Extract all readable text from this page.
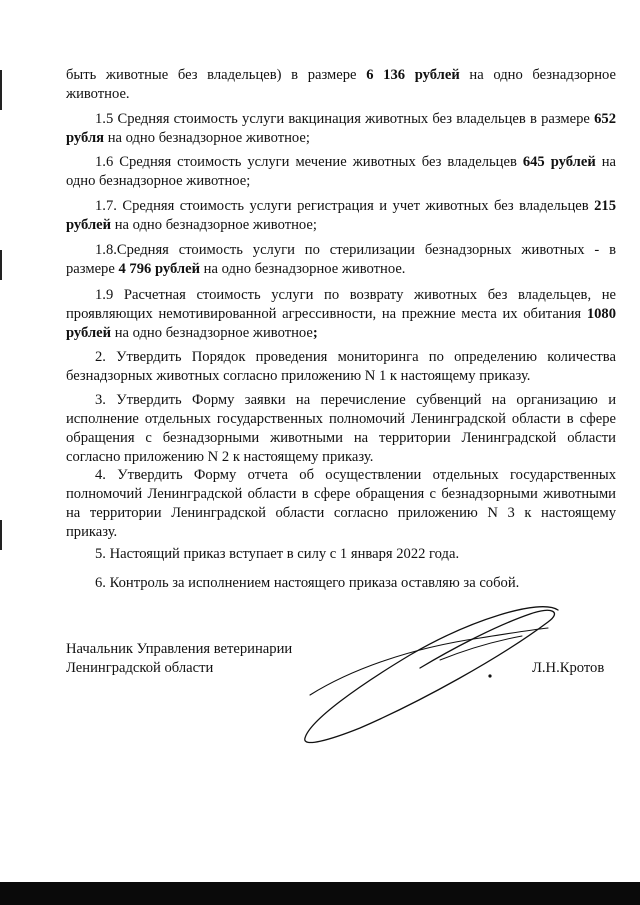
быть животные без владельцев) в размере 6 136 рублей на одно безнадзорное животное.

1.5 Средняя стоимость услуги вакцинация животных без владельцев в размере 652 рубля на одно безнадзорное животное;

1.6 Средняя стоимость услуги мечение животных без владельцев 645 рублей на одно безнадзорное животное;

1.7. Средняя стоимость услуги регистрация и учет животных без владельцев 215 рублей на одно безнадзорное животное;

1.8.Средняя стоимость услуги по стерилизации безнадзорных животных - в размере 4 796 рублей на одно безнадзорное животное.

1.9 Расчетная стоимость услуги по возврату животных без владельцев, не проявляющих немотивированной агрессивности, на прежние места их обитания 1080 рублей на одно безнадзорное животное;

2. Утвердить Порядок проведения мониторинга по определению количества безнадзорных животных согласно приложению N 1 к настоящему приказу.

3. Утвердить Форму заявки на перечисление субвенций на организацию и исполнение отдельных государственных полномочий Ленинградской области в сфере обращения с безнадзорными животными на территории Ленинградской области согласно приложению N 2 к настоящему приказу.

4. Утвердить Форму отчета об осуществлении отдельных государственных полномочий Ленинградской области в сфере обращения с безнадзорными животными на территории Ленинградской области согласно приложению N 3 к настоящему приказу.

5. Настоящий приказ вступает в силу с 1 января 2022 года.

6. Контроль за исполнением настоящего приказа оставляю за собой.

Начальник Управления ветеринарии
Ленинградской области	Л.Н.Кротов
